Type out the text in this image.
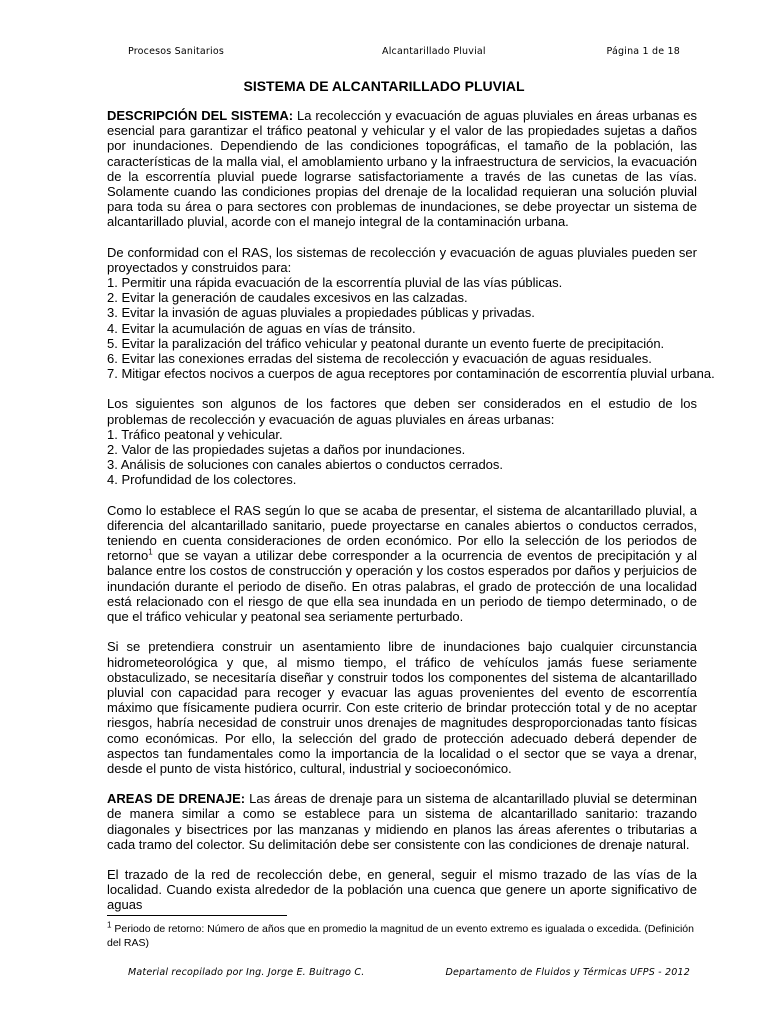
Procesos Sanitarios	Alcantarillado Pluvial	Página 1 de 18
SISTEMA DE ALCANTARILLADO PLUVIAL

DESCRIPCIÓN DEL SISTEMA: La recolección y evacuación de aguas pluviales en áreas urbanas es esencial para garantizar el tráfico peatonal y vehicular y el valor de las propiedades sujetas a daños por inundaciones. Dependiendo de las condiciones topográficas, el tamaño de la población, las características de la malla vial, el amoblamiento urbano y la infraestructura de servicios, la evacuación de la escorrentía pluvial puede lograrse satisfactoriamente a través de las cunetas de las vías. Solamente cuando las condiciones propias del drenaje de la localidad requieran una solución pluvial para toda su área o para sectores con problemas de inundaciones, se debe proyectar un sistema de alcantarillado pluvial, acorde con el manejo integral de la contaminación urbana.

De conformidad con el RAS, los sistemas de recolección y evacuación de aguas pluviales pueden ser proyectados y construidos para:

1. Permitir una rápida evacuación de la escorrentía pluvial de las vías públicas.
2. Evitar la generación de caudales excesivos en las calzadas.
3. Evitar la invasión de aguas pluviales a propiedades públicas y privadas.
4. Evitar la acumulación de aguas en vías de tránsito.
5. Evitar la paralización del tráfico vehicular y peatonal durante un evento fuerte de precipitación.
6. Evitar las conexiones erradas del sistema de recolección y evacuación de aguas residuales.
7. Mitigar efectos nocivos a cuerpos de agua receptores por contaminación de escorrentía pluvial urbana.

Los siguientes son algunos de los factores que deben ser considerados en el estudio de los problemas de recolección y evacuación de aguas pluviales en áreas urbanas:

1. Tráfico peatonal y vehicular.
2. Valor de las propiedades sujetas a daños por inundaciones.
3. Análisis de soluciones con canales abiertos o conductos cerrados.
4. Profundidad de los colectores.

Como lo establece el RAS según lo que se acaba de presentar, el sistema de alcantarillado pluvial, a diferencia del alcantarillado sanitario, puede proyectarse en canales abiertos o conductos cerrados, teniendo en cuenta consideraciones de orden económico. Por ello la selección de los periodos de retorno$^1$ que se vayan a utilizar debe corresponder a la ocurrencia de eventos de precipitación y al balance entre los costos de construcción y operación y los costos esperados por daños y perjuicios de inundación durante el periodo de diseño. En otras palabras, el grado de protección de una localidad está relacionado con el riesgo de que ella sea inundada en un periodo de tiempo determinado, o de que el tráfico vehicular y peatonal sea seriamente perturbado.

Si se pretendiera construir un asentamiento libre de inundaciones bajo cualquier circunstancia hidrometeorológica y que, al mismo tiempo, el tráfico de vehículos jamás fuese seriamente obstaculizado, se necesitaría diseñar y construir todos los componentes del sistema de alcantarillado pluvial con capacidad para recoger y evacuar las aguas provenientes del evento de escorrentía máximo que físicamente pudiera ocurrir. Con este criterio de brindar protección total y de no aceptar riesgos, habría necesidad de construir unos drenajes de magnitudes desproporcionadas tanto físicas como económicas. Por ello, la selección del grado de protección adecuado deberá depender de aspectos tan fundamentales como la importancia de la localidad o el sector que se vaya a drenar, desde el punto de vista histórico, cultural, industrial y socioeconómico.

AREAS DE DRENAJE: Las áreas de drenaje para un sistema de alcantarillado pluvial se determinan de manera similar a como se establece para un sistema de alcantarillado sanitario: trazando diagonales y bisectrices por las manzanas y midiendo en planos las áreas aferentes o tributarias a cada tramo del colector. Su delimitación debe ser consistente con las condiciones de drenaje natural.

El trazado de la red de recolección debe, en general, seguir el mismo trazado de las vías de la localidad. Cuando exista alrededor de la población una cuenca que genere un aporte significativo de aguas

$^1$ Periodo de retorno: Número de años que en promedio la magnitud de un evento extremo es igualada o excedida. (Definición del RAS)
Material recopilado por Ing. Jorge E. Buitrago C.	Departamento de Fluidos y Térmicas UFPS - 2012
